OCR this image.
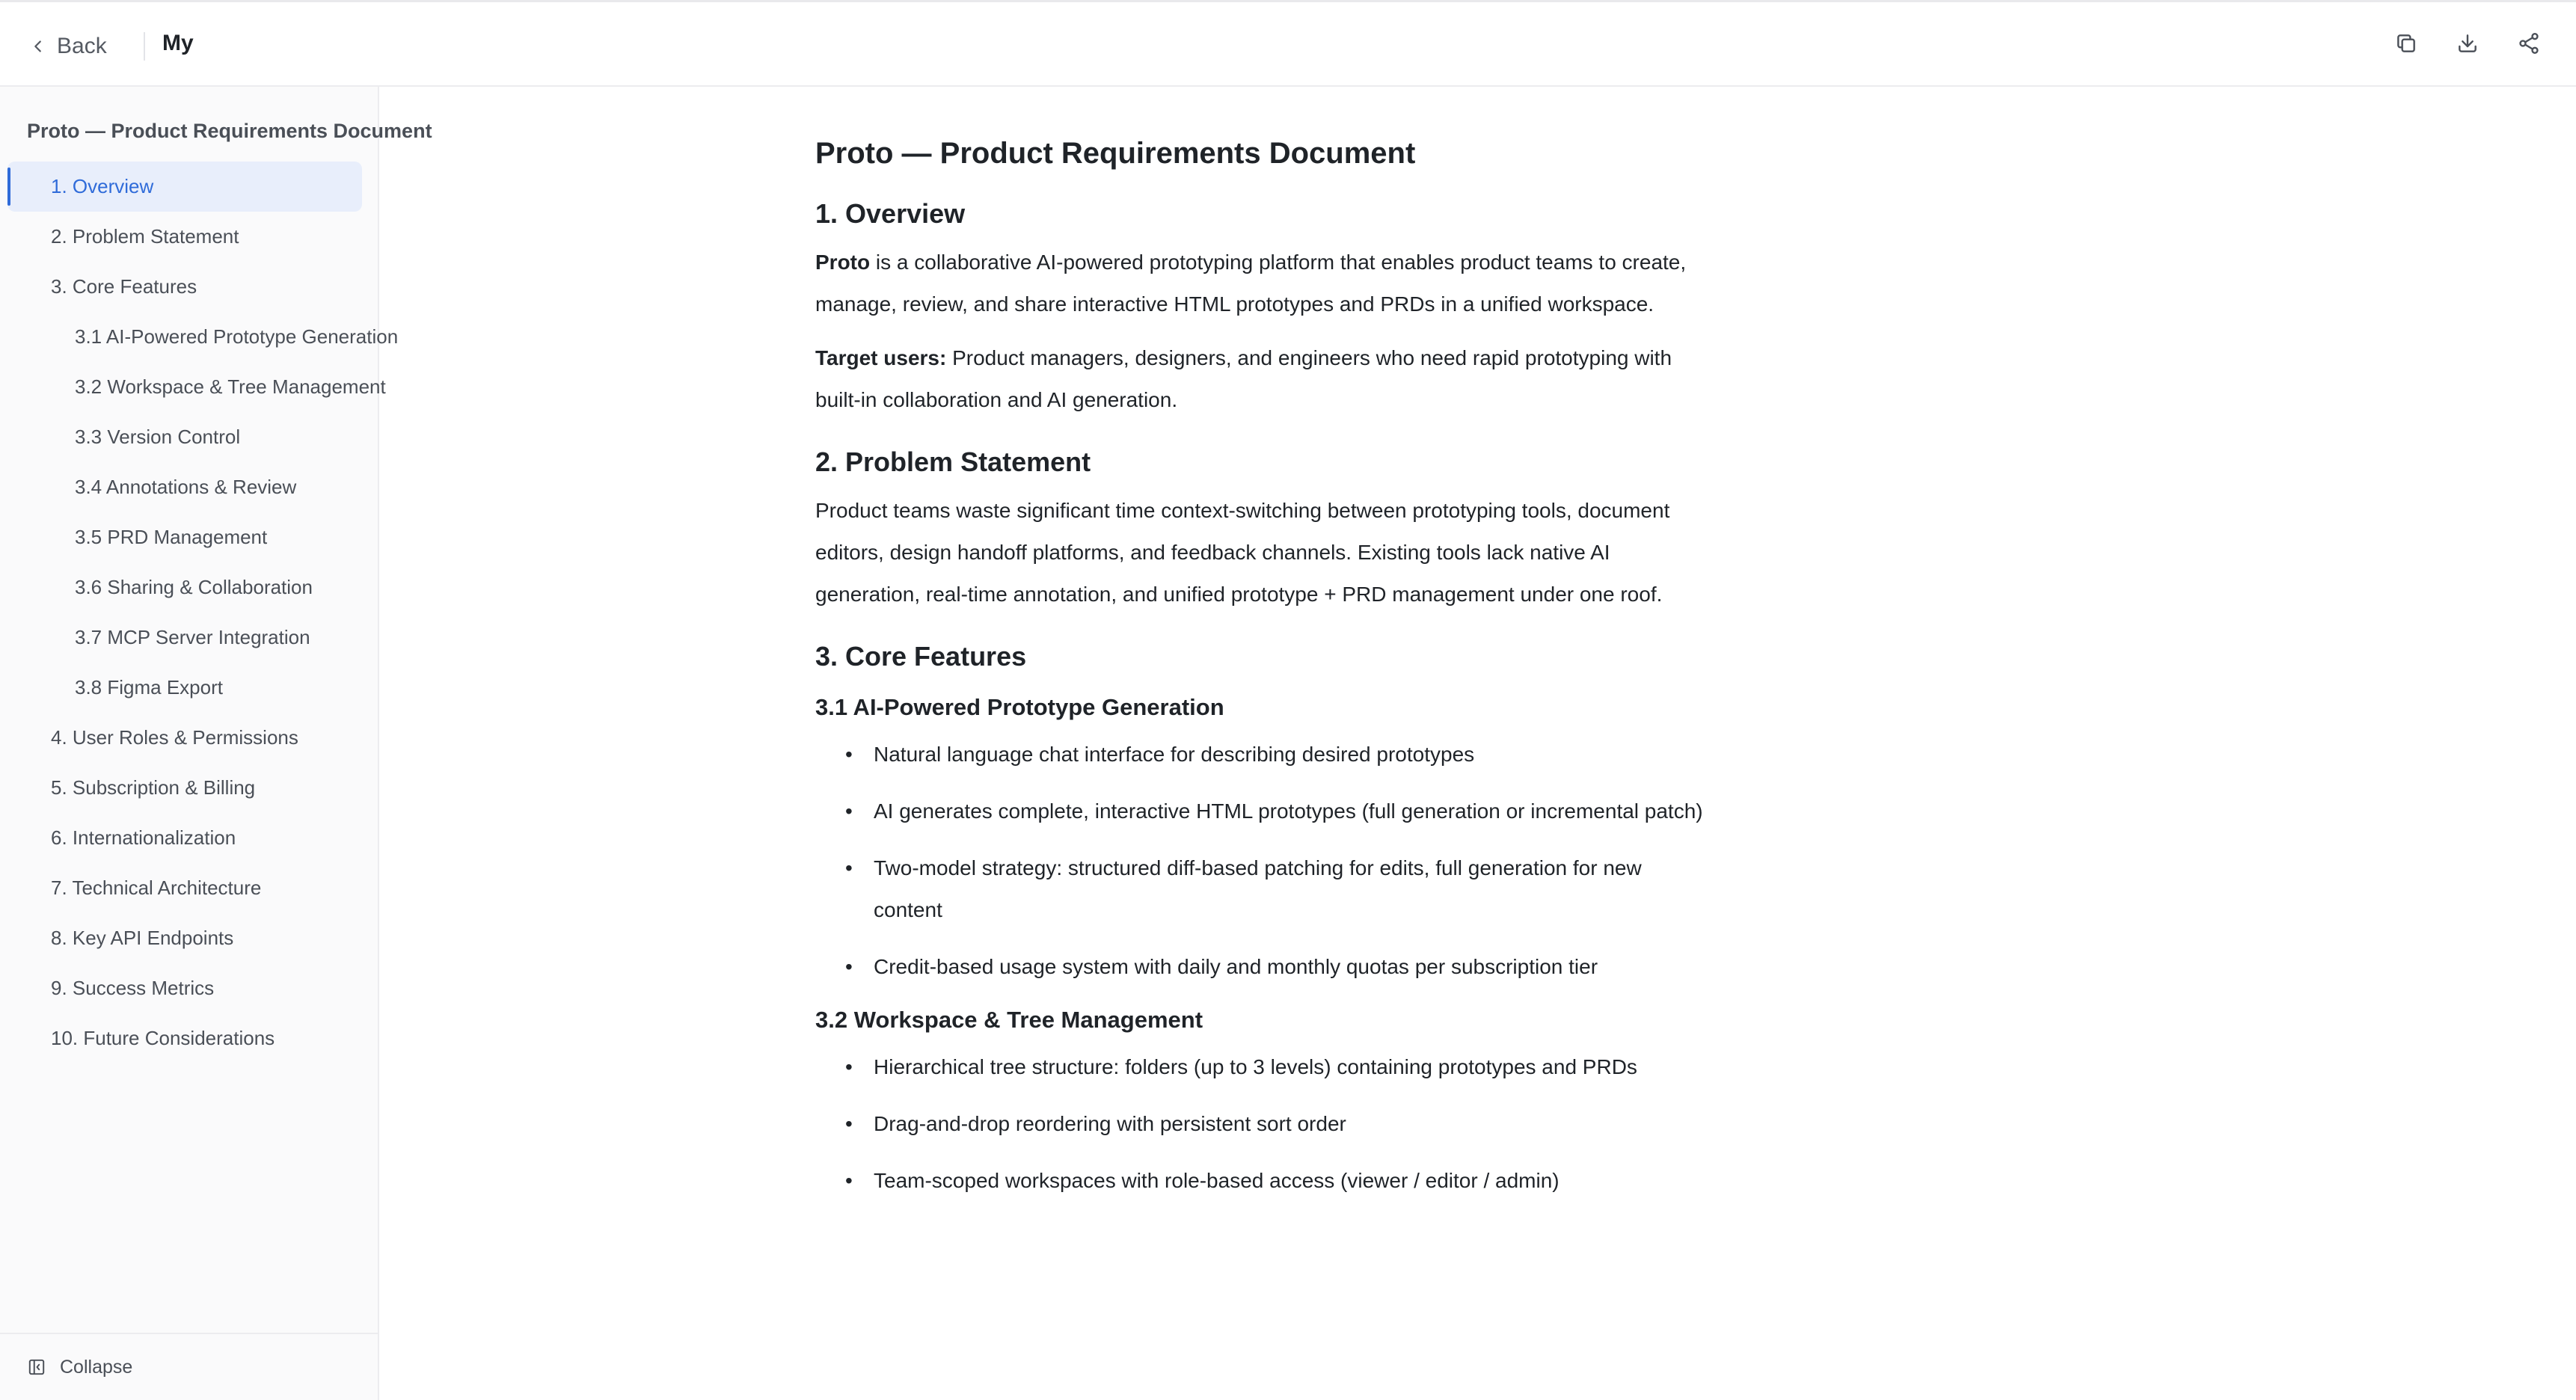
Back My
Proto — Product Requirements Document
1. Overview
2. Problem Statement
3. Core Features
3.1 AI-Powered Prototype Generation
3.2 Workspace & Tree Management
3.3 Version Control
3.4 Annotations & Review
3.5 PRD Management
3.6 Sharing & Collaboration
3.7 MCP Server Integration
3.8 Figma Export
4. User Roles & Permissions
5. Subscription & Billing
6. Internationalization
7. Technical Architecture
8. Key API Endpoints
9. Success Metrics
10. Future Considerations
Collapse
Proto — Product Requirements Document
1. Overview

Proto is a collaborative AI-powered prototyping platform that enables product teams to create, manage, review, and share interactive HTML prototypes and PRDs in a unified workspace.

Target users: Product managers, designers, and engineers who need rapid prototyping with built-in collaboration and AI generation.

2. Problem Statement

Product teams waste significant time context-switching between prototyping tools, document editors, design handoff platforms, and feedback channels. Existing tools lack native AI generation, real-time annotation, and unified prototype + PRD management under one roof.

3. Core Features
3.1 AI-Powered Prototype Generation
• Natural language chat interface for describing desired prototypes
• AI generates complete, interactive HTML prototypes (full generation or incremental patch)
• Two-model strategy: structured diff-based patching for edits, full generation for new content
• Credit-based usage system with daily and monthly quotas per subscription tier
3.2 Workspace & Tree Management
• Hierarchical tree structure: folders (up to 3 levels) containing prototypes and PRDs
• Drag-and-drop reordering with persistent sort order
• Team-scoped workspaces with role-based access (viewer / editor / admin)
